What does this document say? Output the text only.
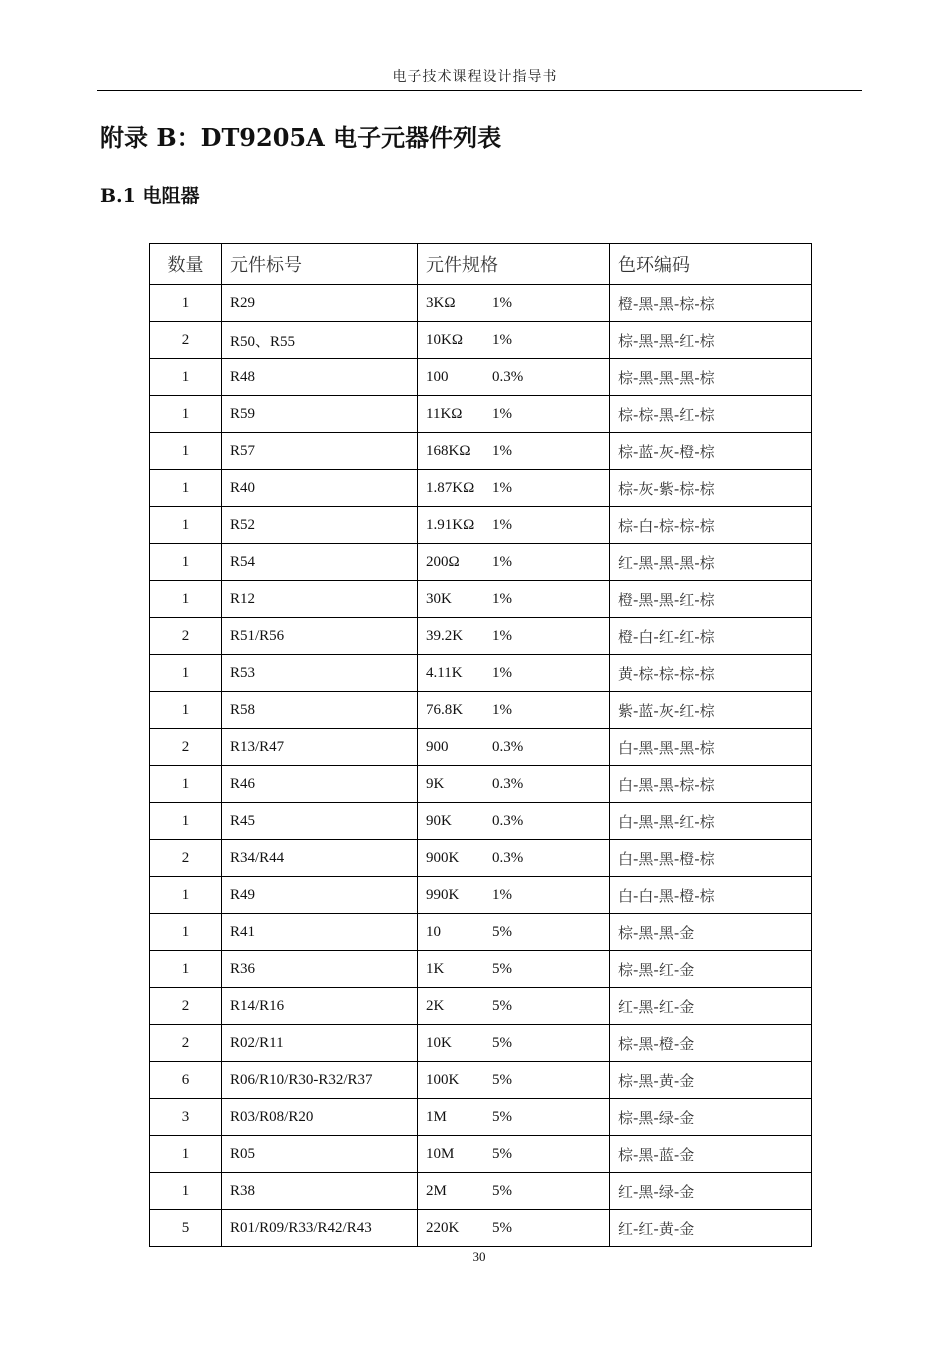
电子技术课程设计指导书
附录 B：DT9205A 电子元器件列表
B.1 电阻器
数量	元件标号	元件规格	色环编码
1	R29	3KΩ 1%	橙-黑-黑-棕-棕
2	R50、R55	10KΩ 1%	棕-黑-黑-红-棕
1	R48	100 0.3%	棕-黑-黑-黑-棕
1	R59	11KΩ 1%	棕-棕-黑-红-棕
1	R57	168KΩ 1%	棕-蓝-灰-橙-棕
1	R40	1.87KΩ 1%	棕-灰-紫-棕-棕
1	R52	1.91KΩ 1%	棕-白-棕-棕-棕
1	R54	200Ω 1%	红-黑-黑-黑-棕
1	R12	30K 1%	橙-黑-黑-红-棕
2	R51/R56	39.2K 1%	橙-白-红-红-棕
1	R53	4.11K 1%	黄-棕-棕-棕-棕
1	R58	76.8K 1%	紫-蓝-灰-红-棕
2	R13/R47	900 0.3%	白-黑-黑-黑-棕
1	R46	9K 0.3%	白-黑-黑-棕-棕
1	R45	90K 0.3%	白-黑-黑-红-棕
2	R34/R44	900K 0.3%	白-黑-黑-橙-棕
1	R49	990K 1%	白-白-黑-橙-棕
1	R41	10 5%	棕-黑-黑-金
1	R36	1K 5%	棕-黑-红-金
2	R14/R16	2K 5%	红-黑-红-金
2	R02/R11	10K 5%	棕-黑-橙-金
6	R06/R10/R30-R32/R37	100K 5%	棕-黑-黄-金
3	R03/R08/R20	1M 5%	棕-黑-绿-金
1	R05	10M 5%	棕-黑-蓝-金
1	R38	2M 5%	红-黑-绿-金
5	R01/R09/R33/R42/R43	220K 5%	红-红-黄-金
30
